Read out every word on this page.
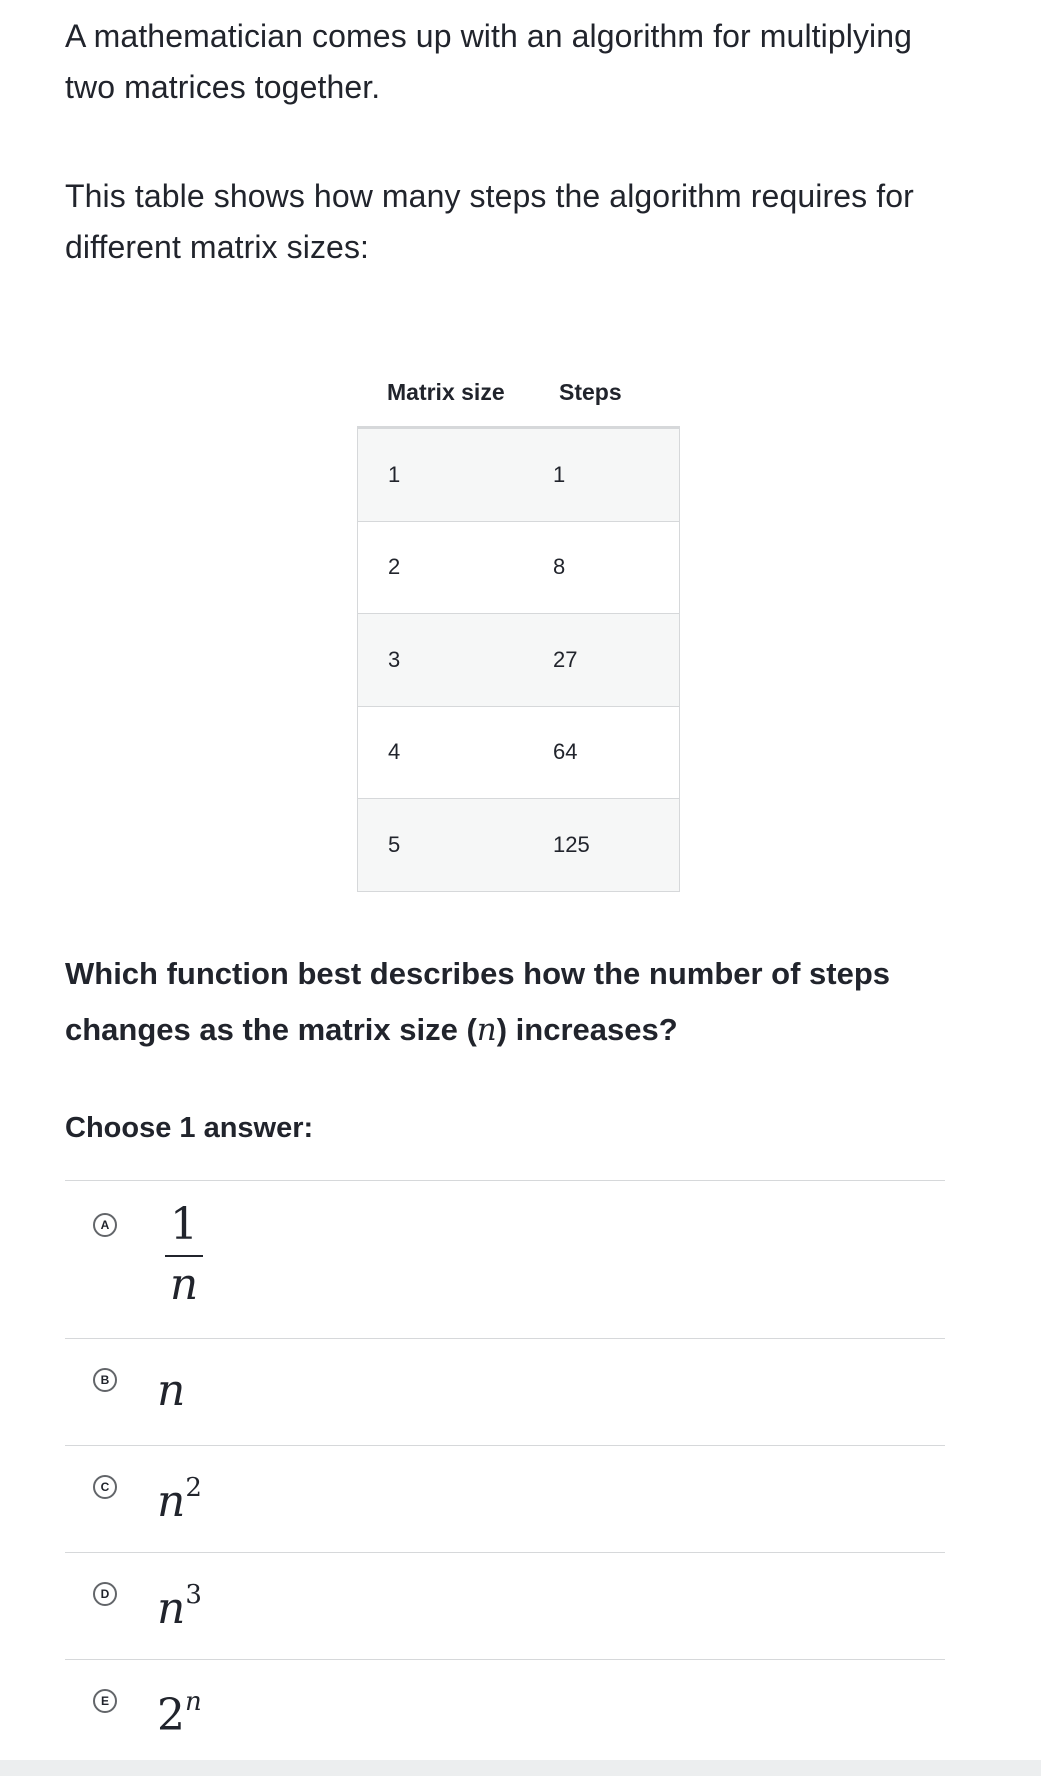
A mathematician comes up with an algorithm for multiplying two matrices together.

This table shows how many steps the algorithm requires for different matrix sizes:

Matrix size	Steps
1	1
2	8
3	27
4	64
5	125
Which function best describes how the number of steps changes as the matrix size (n) increases?
Choose 1 answer:
A $\frac{1}{n}$
B n
C $n^2$
D $n^3$
E 2$^n$
